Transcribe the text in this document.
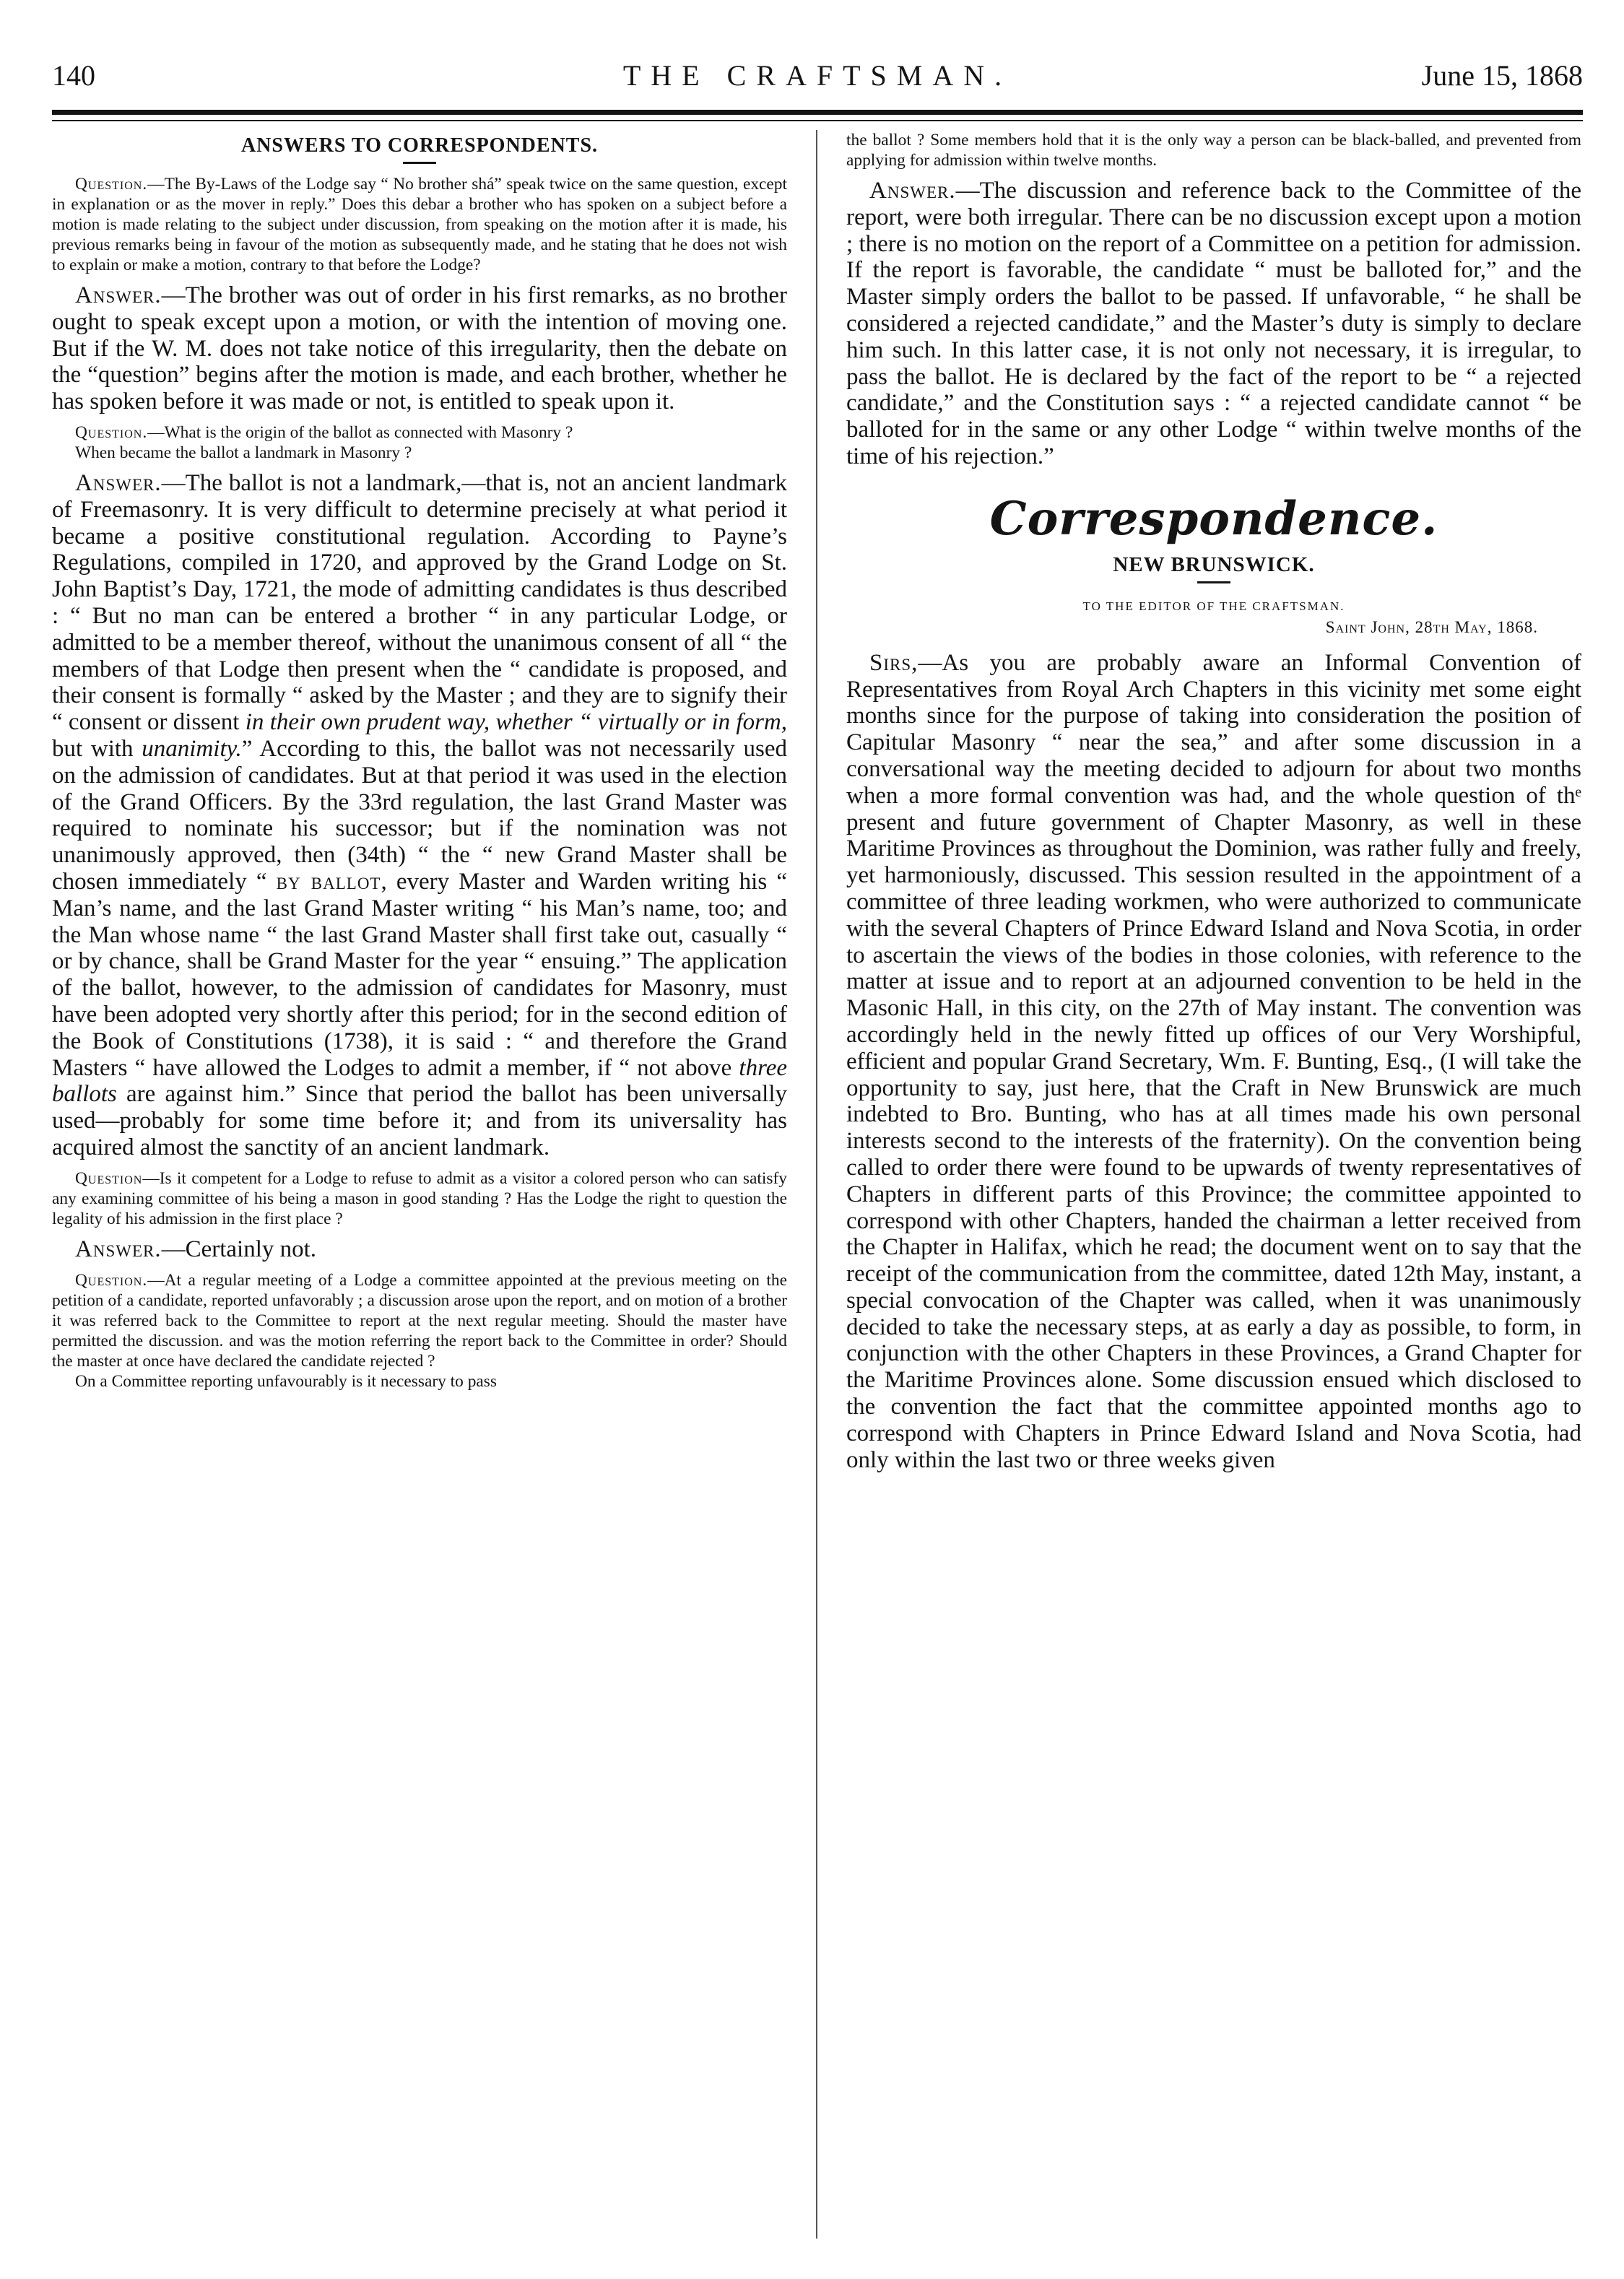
140	THE CRAFTSMAN.	June 15, 1868
ANSWERS TO CORRESPONDENTS.

Question.—The By-Laws of the Lodge say “ No brother shá” speak twice on the same question, except in explanation or as the mover in reply.” Does this debar a brother who has spoken on a subject before a motion is made relating to the subject under discussion, from speaking on the motion after it is made, his previous remarks being in favour of the motion as subsequently made, and he stating that he does not wish to explain or make a motion, contrary to that before the Lodge?

Answer.—The brother was out of order in his first remarks, as no brother ought to speak except upon a motion, or with the intention of moving one. But if the W. M. does not take notice of this irregularity, then the debate on the “question” begins after the motion is made, and each brother, whether he has spoken before it was made or not, is entitled to speak upon it.

Question.—What is the origin of the ballot as connected with Masonry ?

When became the ballot a landmark in Masonry ?

Answer.—The ballot is not a landmark,—that is, not an ancient landmark of Freemasonry. It is very difficult to determine precisely at what period it became a positive constitutional regulation. According to Payne’s Regulations, compiled in 1720, and approved by the Grand Lodge on St. John Baptist’s Day, 1721, the mode of admitting candidates is thus described : “ But no man can be entered a brother “ in any particular Lodge, or admitted to be a member thereof, without the unanimous consent of all “ the members of that Lodge then present when the “ candidate is proposed, and their consent is formally “ asked by the Master ; and they are to signify their “ consent or dissent in their own prudent way, whether “ virtually or in form, but with unanimity.” According to this, the ballot was not necessarily used on the admission of candidates. But at that period it was used in the election of the Grand Officers. By the 33rd regulation, the last Grand Master was required to nominate his successor; but if the nomination was not unanimously approved, then (34th) “ the “ new Grand Master shall be chosen immediately “ by ballot, every Master and Warden writing his “ Man’s name, and the last Grand Master writing “ his Man’s name, too; and the Man whose name “ the last Grand Master shall first take out, casually “ or by chance, shall be Grand Master for the year “ ensuing.” The application of the ballot, however, to the admission of candidates for Masonry, must have been adopted very shortly after this period; for in the second edition of the Book of Constitutions (1738), it is said : “ and therefore the Grand Masters “ have allowed the Lodges to admit a member, if “ not above three ballots are against him.” Since that period the ballot has been universally used—probably for some time before it; and from its universality has acquired almost the sanctity of an ancient landmark.

Question—Is it competent for a Lodge to refuse to admit as a visitor a colored person who can satisfy any examining committee of his being a mason in good standing ? Has the Lodge the right to question the legality of his admission in the first place ?

Answer.—Certainly not.

Question.—At a regular meeting of a Lodge a committee appointed at the previous meeting on the petition of a candidate, reported unfavorably ; a discussion arose upon the report, and on motion of a brother it was referred back to the Committee to report at the next regular meeting. Should the master have permitted the discussion. and was the motion referring the report back to the Committee in order? Should the master at once have declared the candidate rejected ?

On a Committee reporting unfavourably is it necessary to pass

the ballot ? Some members hold that it is the only way a person can be black-balled, and prevented from applying for admission within twelve months.

Answer.—The discussion and reference back to the Committee of the report, were both irregular. There can be no discussion except upon a motion ; there is no motion on the report of a Committee on a petition for admission. If the report is favorable, the candidate “ must be balloted for,” and the Master simply orders the ballot to be passed. If unfavorable, “ he shall be considered a rejected candidate,” and the Master’s duty is simply to declare him such. In this latter case, it is not only not necessary, it is irregular, to pass the ballot. He is declared by the fact of the report to be “ a rejected candidate,” and the Constitution says : “ a rejected candidate cannot “ be balloted for in the same or any other Lodge “ within twelve months of the time of his rejection.”

Correspondence.
NEW BRUNSWICK.
TO THE EDITOR OF THE CRAFTSMAN.
Saint John, 28th May, 1868.

Sirs,—As you are probably aware an Informal Convention of Representatives from Royal Arch Chapters in this vicinity met some eight months since for the purpose of taking into consideration the position of Capitular Masonry “ near the sea,” and after some discussion in a conversational way the meeting decided to adjourn for about two months when a more formal convention was had, and the whole question of thᵉ present and future government of Chapter Masonry, as well in these Maritime Provinces as throughout the Dominion, was rather fully and freely, yet harmoniously, discussed. This session resulted in the appointment of a committee of three leading workmen, who were authorized to communicate with the several Chapters of Prince Edward Island and Nova Scotia, in order to ascertain the views of the bodies in those colonies, with reference to the matter at issue and to report at an adjourned convention to be held in the Masonic Hall, in this city, on the 27th of May instant. The convention was accordingly held in the newly fitted up offices of our Very Worshipful, efficient and popular Grand Secretary, Wm. F. Bunting, Esq., (I will take the opportunity to say, just here, that the Craft in New Brunswick are much indebted to Bro. Bunting, who has at all times made his own personal interests second to the interests of the fraternity). On the convention being called to order there were found to be upwards of twenty representatives of Chapters in different parts of this Province; the committee appointed to correspond with other Chapters, handed the chairman a letter received from the Chapter in Halifax, which he read; the document went on to say that the receipt of the communication from the committee, dated 12th May, instant, a special convocation of the Chapter was called, when it was unanimously decided to take the necessary steps, at as early a day as possible, to form, in conjunction with the other Chapters in these Provinces, a Grand Chapter for the Maritime Provinces alone. Some discussion ensued which disclosed to the convention the fact that the committee appointed months ago to correspond with Chapters in Prince Edward Island and Nova Scotia, had only within the last two or three weeks given
